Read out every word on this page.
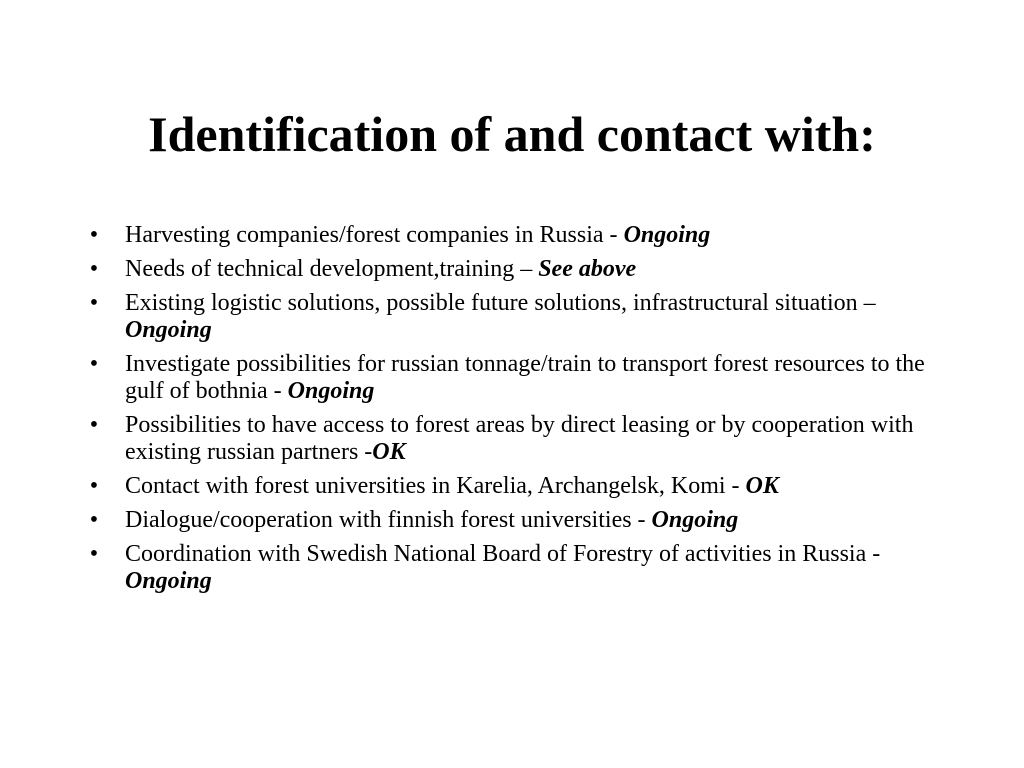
Identification of and contact with:
• Harvesting companies/forest companies in Russia - Ongoing
• Needs of technical development,training – See above
• Existing logistic solutions, possible future solutions, infrastructural situation – Ongoing
• Investigate possibilities for russian tonnage/train to transport forest resources to the gulf of bothnia - Ongoing
• Possibilities to have access to forest areas by direct leasing or by cooperation with existing russian partners -OK
• Contact with forest universities in Karelia, Archangelsk, Komi - OK
• Dialogue/cooperation with finnish forest universities - Ongoing
• Coordination with Swedish National Board of Forestry of activities in Russia - Ongoing
